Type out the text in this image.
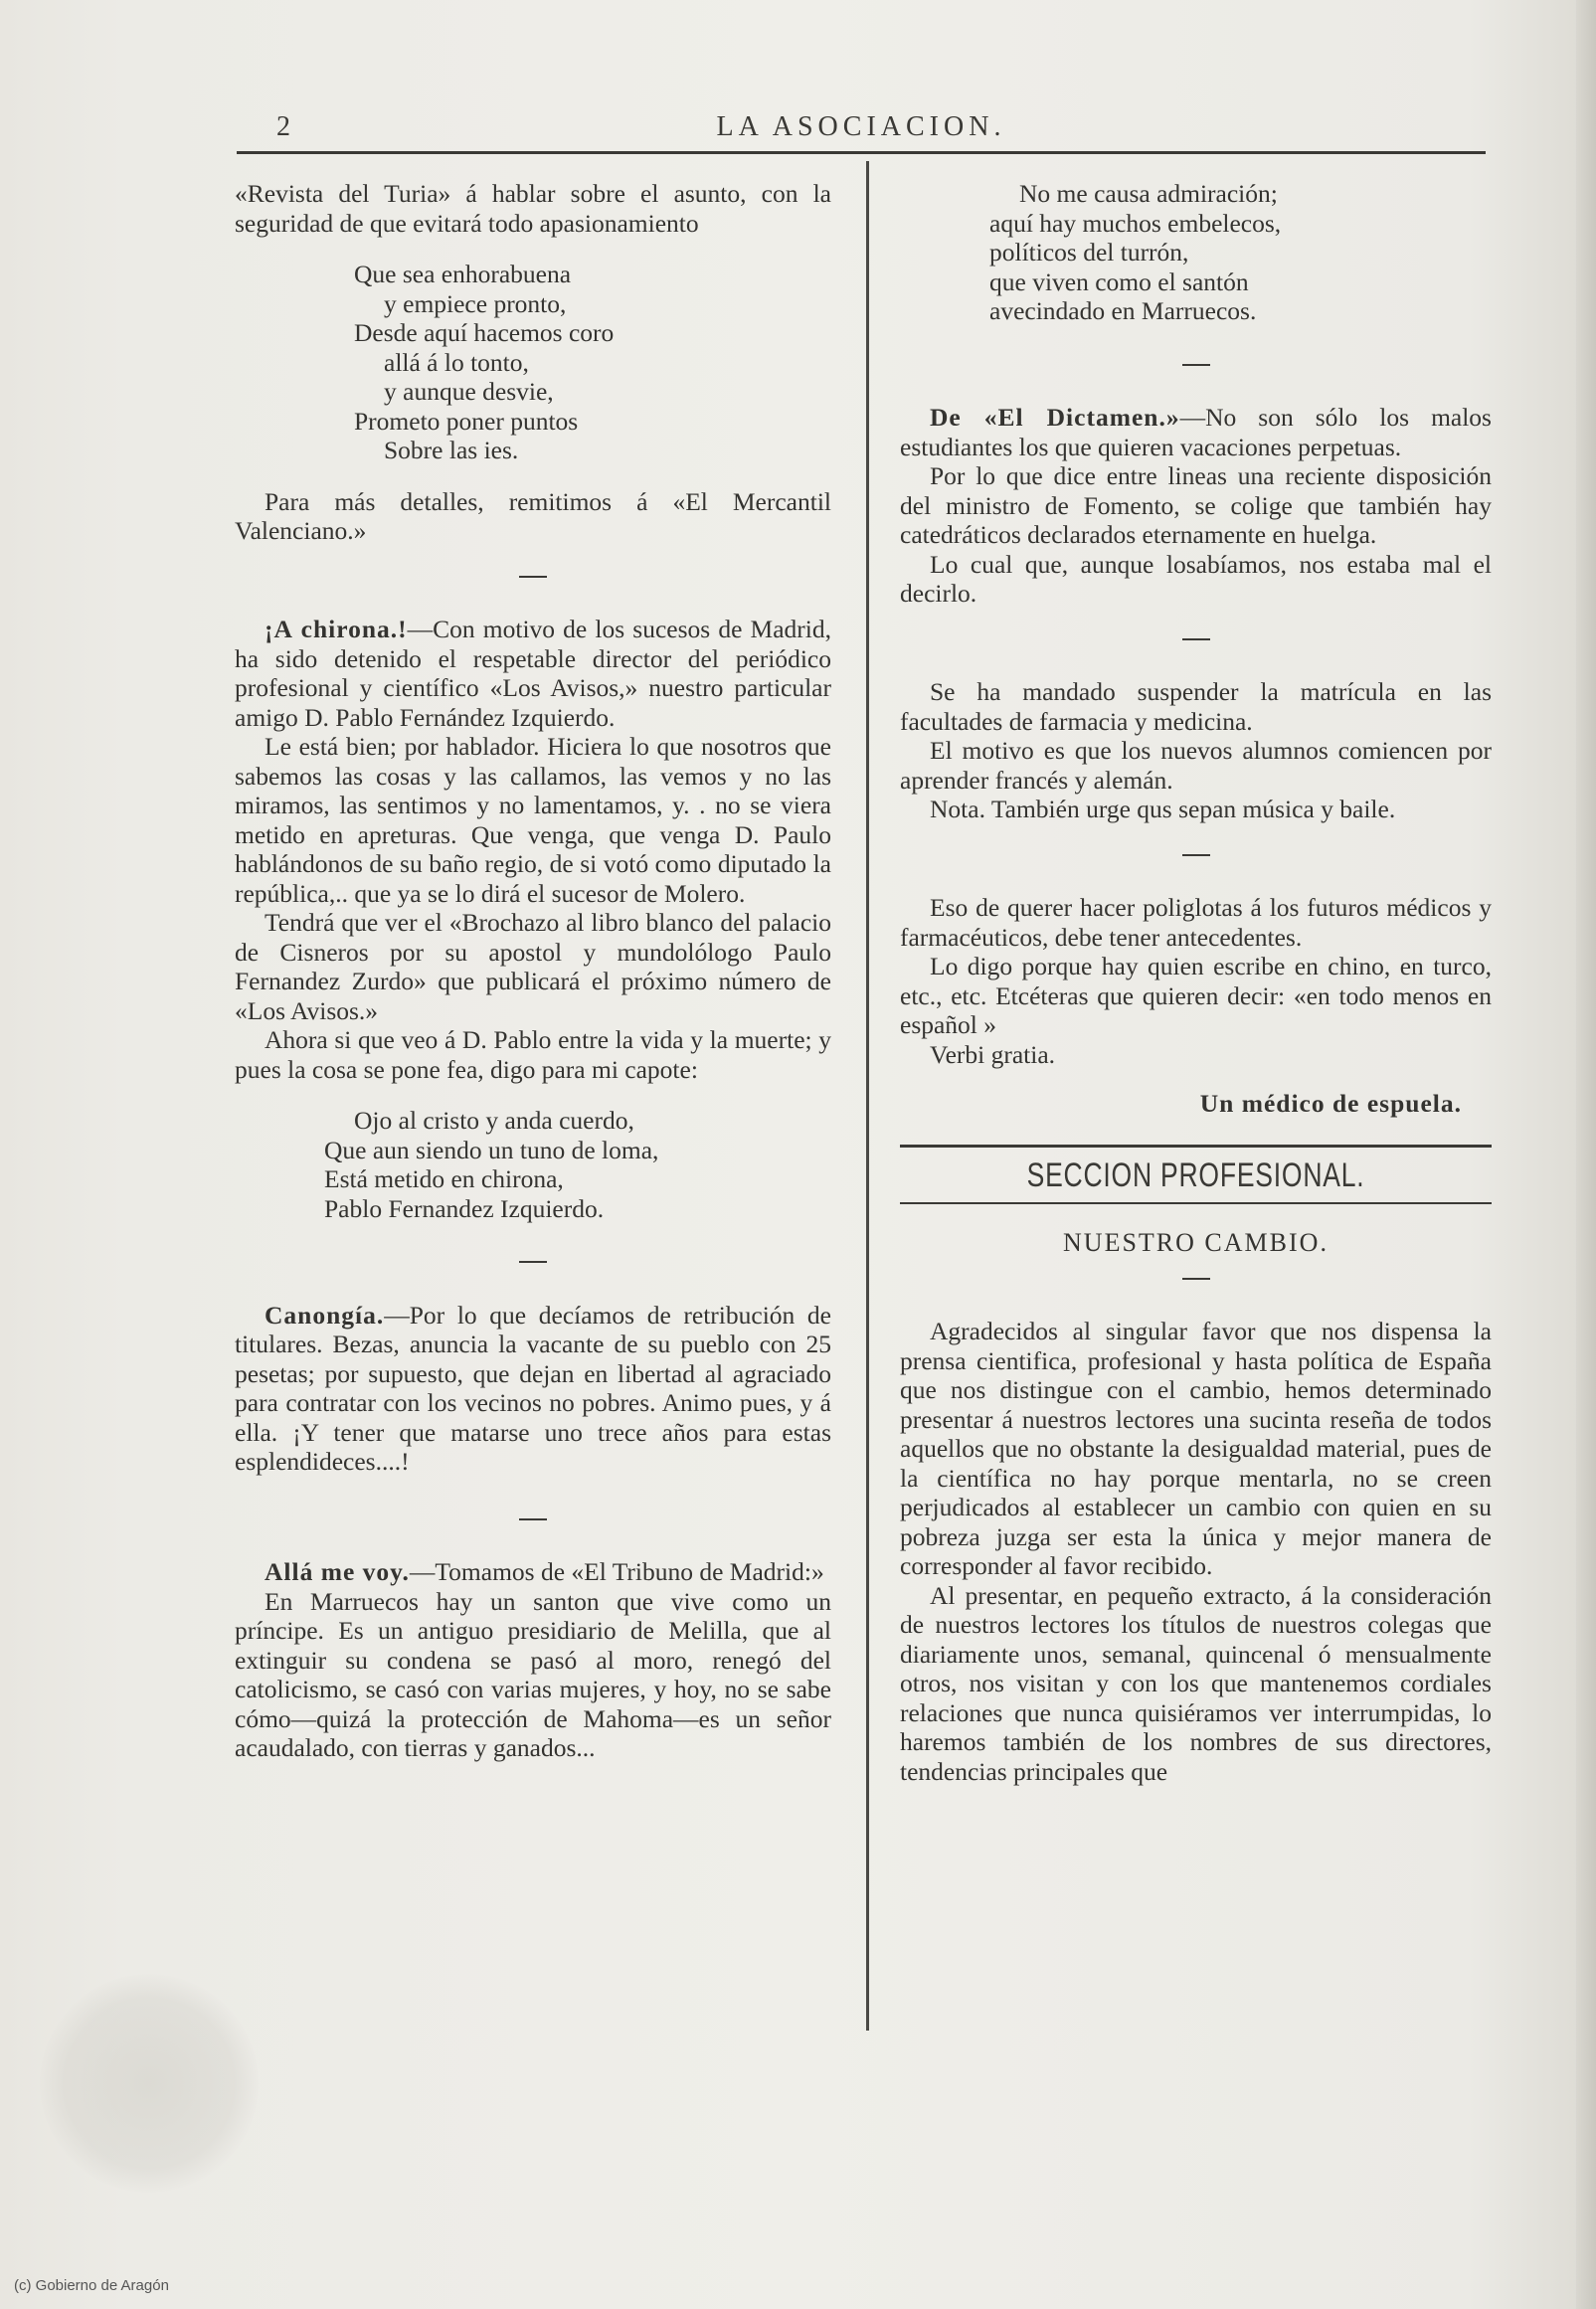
2	LA ASOCIACION.

«Revista del Turia» á hablar sobre el asunto, con la seguridad de que evitará todo apasionamiento

Que sea enhorabuena
y empiece pronto,
Desde aquí hacemos coro
allá á lo tonto,
y aunque desvie,
Prometo poner puntos
Sobre las ies.

Para más detalles, remitimos á «El Mercantil Valenciano.»

¡A chirona.!—Con motivo de los sucesos de Madrid, ha sido detenido el respetable director del periódico profesional y científico «Los Avisos,» nuestro particular amigo D. Pablo Fernández Izquierdo.

Le está bien; por hablador. Hiciera lo que nosotros que sabemos las cosas y las callamos, las vemos y no las miramos, las sentimos y no lamentamos, y. . no se viera metido en apreturas. Que venga, que venga D. Paulo hablándonos de su baño regio, de si votó como diputado la república,.. que ya se lo dirá el sucesor de Molero.

Tendrá que ver el «Brochazo al libro blanco del palacio de Cisneros por su apostol y mundolólogo Paulo Fernandez Zurdo» que publicará el próximo número de «Los Avisos.»

Ahora si que veo á D. Pablo entre la vida y la muerte; y pues la cosa se pone fea, digo para mi capote:

Ojo al cristo y anda cuerdo,
Que aun siendo un tuno de loma,
Está metido en chirona,
Pablo Fernandez Izquierdo.

Canongía.—Por lo que decíamos de retribución de titulares. Bezas, anuncia la vacante de su pueblo con 25 pesetas; por supuesto, que dejan en libertad al agraciado para contratar con los vecinos no pobres. Animo pues, y á ella. ¡Y tener que matarse uno trece años para estas esplendideces....!

Allá me voy.—Tomamos de «El Tribuno de Madrid:»

En Marruecos hay un santon que vive como un príncipe. Es un antiguo presidiario de Melilla, que al extinguir su condena se pasó al moro, renegó del catolicismo, se casó con varias mujeres, y hoy, no se sabe cómo—quizá la protección de Mahoma—es un señor acaudalado, con tierras y ganados...

No me causa admiración;
aquí hay muchos embelecos,
políticos del turrón,
que viven como el santón
avecindado en Marruecos.

De «El Dictamen.»—No son sólo los malos estudiantes los que quieren vacaciones perpetuas.

Por lo que dice entre lineas una reciente disposición del ministro de Fomento, se colige que también hay catedráticos declarados eternamente en huelga.

Lo cual que, aunque losabíamos, nos estaba mal el decirlo.

Se ha mandado suspender la matrícula en las facultades de farmacia y medicina.

El motivo es que los nuevos alumnos comiencen por aprender francés y alemán.

Nota. También urge qus sepan música y baile.

Eso de querer hacer poliglotas á los futuros médicos y farmacéuticos, debe tener antecedentes.

Lo digo porque hay quien escribe en chino, en turco, etc., etc. Etcéteras que quieren decir: «en todo menos en español »

Verbi gratia.

Un médico de espuela.
SECCION PROFESIONAL.
NUESTRO CAMBIO.

Agradecidos al singular favor que nos dispensa la prensa cientifica, profesional y hasta política de España que nos distingue con el cambio, hemos determinado presentar á nuestros lectores una sucinta reseña de todos aquellos que no obstante la desigualdad material, pues de la científica no hay porque mentarla, no se creen perjudicados al establecer un cambio con quien en su pobreza juzga ser esta la única y mejor manera de corresponder al favor recibido.

Al presentar, en pequeño extracto, á la consideración de nuestros lectores los títulos de nuestros colegas que diariamente unos, semanal, quincenal ó mensualmente otros, nos visitan y con los que mantenemos cordiales relaciones que nunca quisiéramos ver interrumpidas, lo haremos también de los nombres de sus directores, tendencias principales que

(c) Gobierno de Aragón
